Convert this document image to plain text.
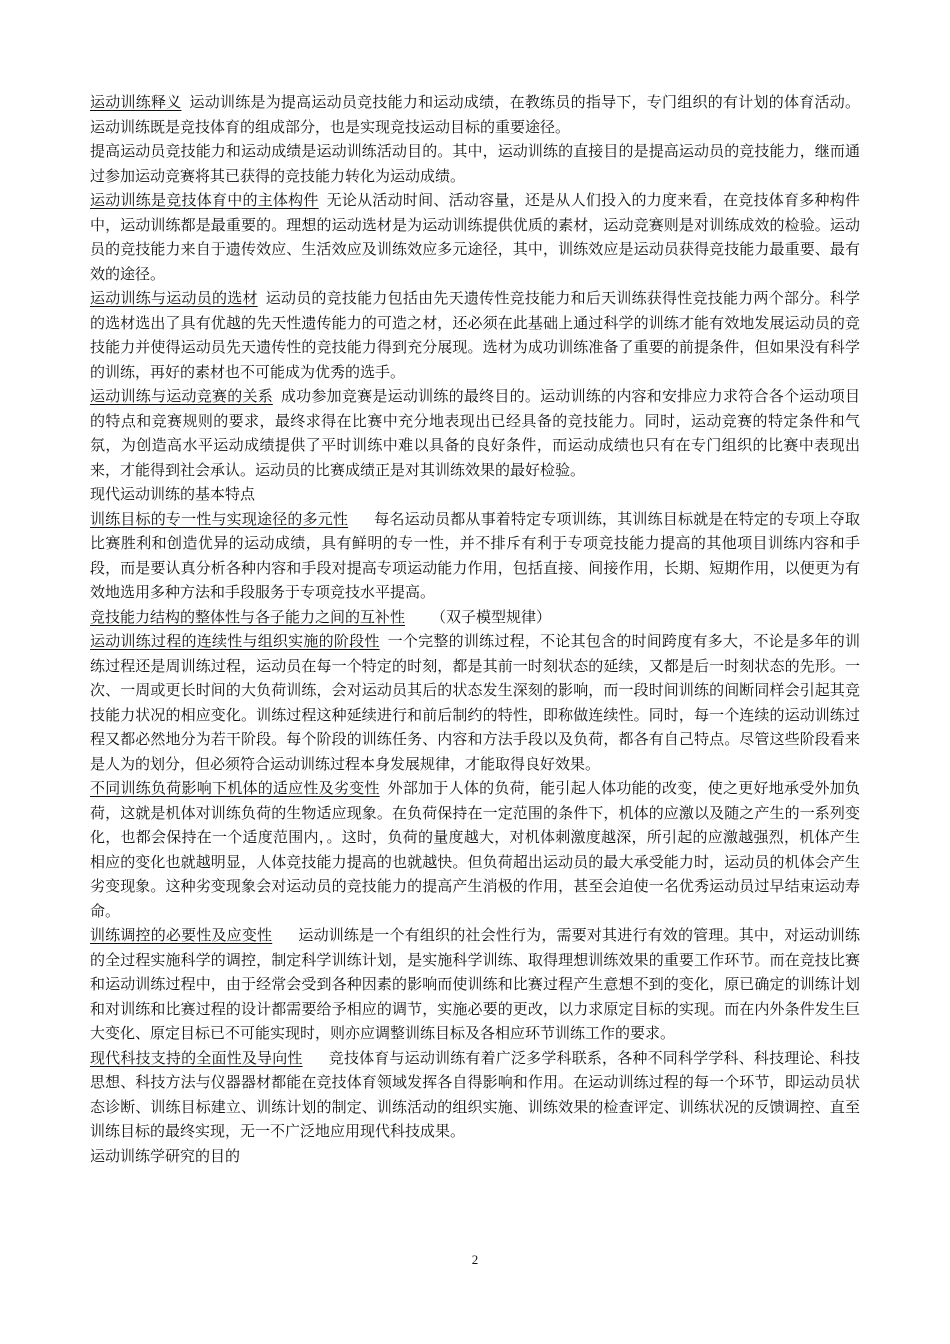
运动训练释义 运动训练是为提高运动员竞技能力和运动成绩，在教练员的指导下，专门组织的有计划的体育活动。运动训练既是竞技体育的组成部分，也是实现竞技运动目标的重要途径。

提高运动员竞技能力和运动成绩是运动训练活动目的。其中，运动训练的直接目的是提高运动员的竞技能力，继而通过参加运动竞赛将其已获得的竞技能力转化为运动成绩。

运动训练是竞技体育中的主体构件 无论从活动时间、活动容量，还是从人们投入的力度来看，在竞技体育多种构件中，运动训练都是最重要的。理想的运动选材是为运动训练提供优质的素材，运动竞赛则是对训练成效的检验。运动员的竞技能力来自于遗传效应、生活效应及训练效应多元途径，其中，训练效应是运动员获得竞技能力最重要、最有效的途径。

运动训练与运动员的选材 运动员的竞技能力包括由先天遗传性竞技能力和后天训练获得性竞技能力两个部分。科学的选材选出了具有优越的先天性遗传能力的可造之材，还必须在此基础上通过科学的训练才能有效地发展运动员的竞技能力并使得运动员先天遗传性的竞技能力得到充分展现。选材为成功训练准备了重要的前提条件，但如果没有科学的训练，再好的素材也不可能成为优秀的选手。

运动训练与运动竞赛的关系 成功参加竞赛是运动训练的最终目的。运动训练的内容和安排应力求符合各个运动项目的特点和竞赛规则的要求，最终求得在比赛中充分地表现出已经具备的竞技能力。同时，运动竞赛的特定条件和气氛，为创造高水平运动成绩提供了平时训练中难以具备的良好条件，而运动成绩也只有在专门组织的比赛中表现出来，才能得到社会承认。运动员的比赛成绩正是对其训练效果的最好检验。

现代运动训练的基本特点

训练目标的专一性与实现途径的多元性 每名运动员都从事着特定专项训练，其训练目标就是在特定的专项上夺取比赛胜利和创造优异的运动成绩，具有鲜明的专一性，并不排斥有利于专项竞技能力提高的其他项目训练内容和手段，而是要认真分析各种内容和手段对提高专项运动能力作用，包括直接、间接作用，长期、短期作用，以便更为有效地选用多种方法和手段服务于专项竞技水平提高。

竞技能力结构的整体性与各子能力之间的互补性 （双子模型规律）

运动训练过程的连续性与组织实施的阶段性 一个完整的训练过程，不论其包含的时间跨度有多大，不论是多年的训练过程还是周训练过程，运动员在每一个特定的时刻，都是其前一时刻状态的延续，又都是后一时刻状态的先形。一次、一周或更长时间的大负荷训练，会对运动员其后的状态发生深刻的影响，而一段时间训练的间断同样会引起其竞技能力状况的相应变化。训练过程这种延续进行和前后制约的特性，即称做连续性。同时，每一个连续的运动训练过程又都必然地分为若干阶段。每个阶段的训练任务、内容和方法手段以及负荷，都各有自己特点。尽管这些阶段看来是人为的划分，但必须符合运动训练过程本身发展规律，才能取得良好效果。

不同训练负荷影响下机体的适应性及劣变性 外部加于人体的负荷，能引起人体功能的改变，使之更好地承受外加负荷，这就是机体对训练负荷的生物适应现象。在负荷保持在一定范围的条件下，机体的应激以及随之产生的一系列变化，也都会保持在一个适度范围内，。这时，负荷的量度越大，对机体刺激度越深，所引起的应激越强烈，机体产生相应的变化也就越明显，人体竞技能力提高的也就越快。但负荷超出运动员的最大承受能力时，运动员的机体会产生劣变现象。这种劣变现象会对运动员的竞技能力的提高产生消极的作用，甚至会迫使一名优秀运动员过早结束运动寿命。

训练调控的必要性及应变性 运动训练是一个有组织的社会性行为，需要对其进行有效的管理。其中，对运动训练的全过程实施科学的调控，制定科学训练计划，是实施科学训练、取得理想训练效果的重要工作环节。而在竞技比赛和运动训练过程中，由于经常会受到各种因素的影响而使训练和比赛过程产生意想不到的变化，原已确定的训练计划和对训练和比赛过程的设计都需要给予相应的调节，实施必要的更改，以力求原定目标的实现。而在内外条件发生巨大变化、原定目标已不可能实现时，则亦应调整训练目标及各相应环节训练工作的要求。

现代科技支持的全面性及导向性 竞技体育与运动训练有着广泛多学科联系，各种不同科学学科、科技理论、科技思想、科技方法与仪器器材都能在竞技体育领域发挥各自得影响和作用。在运动训练过程的每一个环节，即运动员状态诊断、训练目标建立、训练计划的制定、训练活动的组织实施、训练效果的检查评定、训练状况的反馈调控、直至训练目标的最终实现，无一不广泛地应用现代科技成果。

运动训练学研究的目的

2
